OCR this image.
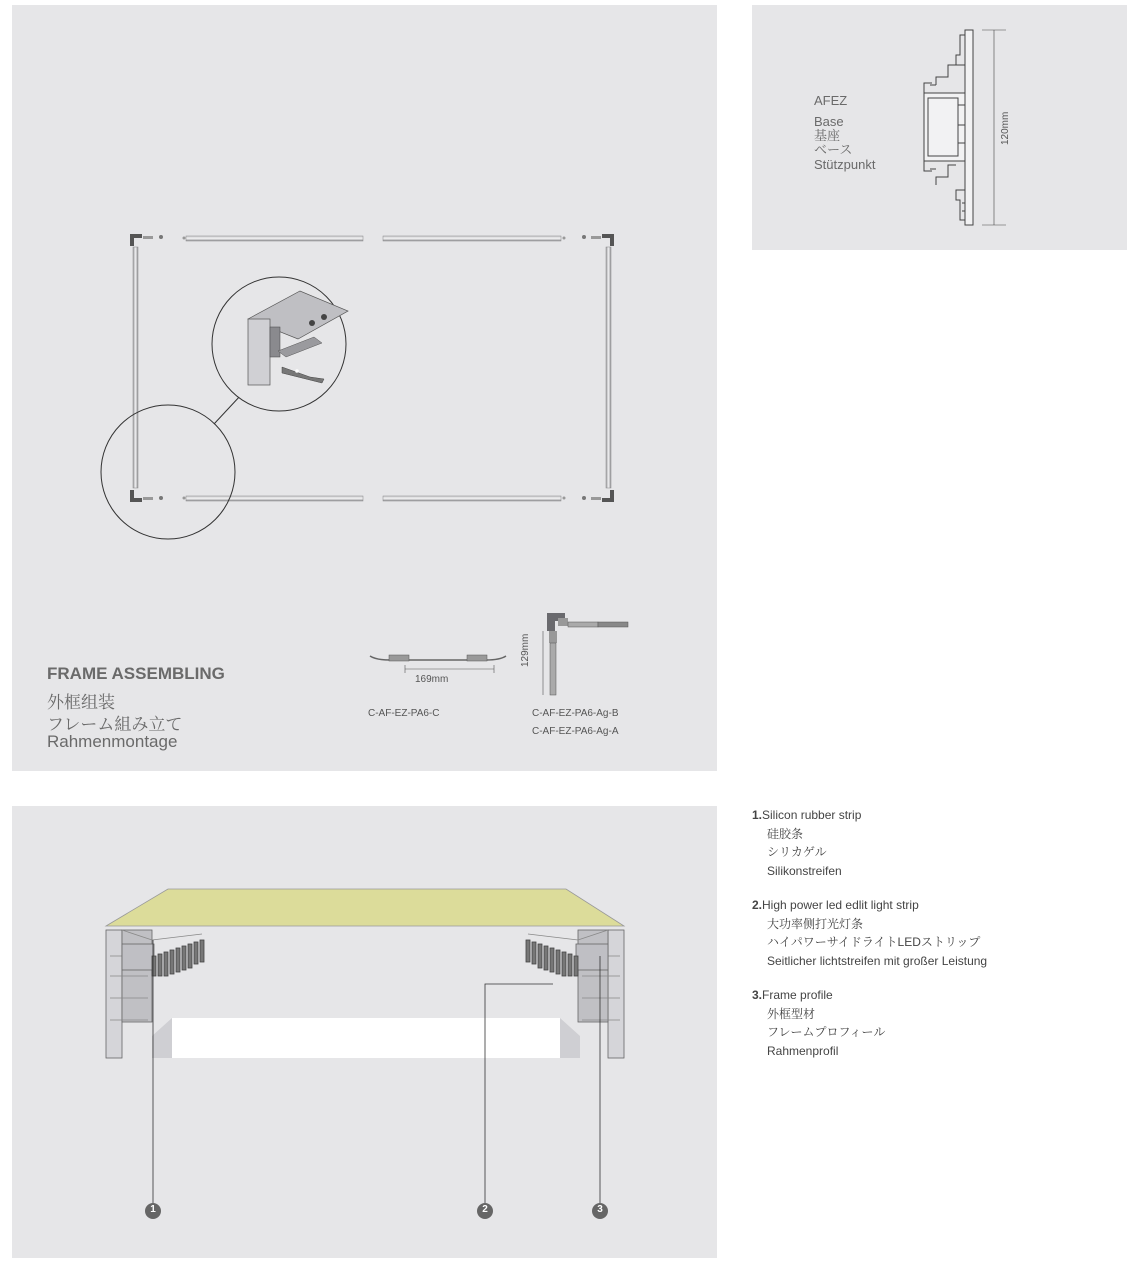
FRAME ASSEMBLING
外框组装
フレーム組み立て
Rahmenmontage
169mm
C-AF-EZ-PA6-C
129mm
C-AF-EZ-PA6-Ag-B
C-AF-EZ-PA6-Ag-A
AFEZ
Base
基座
ベース
Stützpunkt
120mm
1	2	3
1.Silicon rubber strip
硅胶条
シリカゲル
Silikonstreifen
2.High power led edlit light strip
大功率侧打光灯条
ハイパワーサイドライトLEDストリップ
Seitlicher lichtstreifen mit großer Leistung
3.Frame profile
外框型材
フレームプロフィール
Rahmenprofil
